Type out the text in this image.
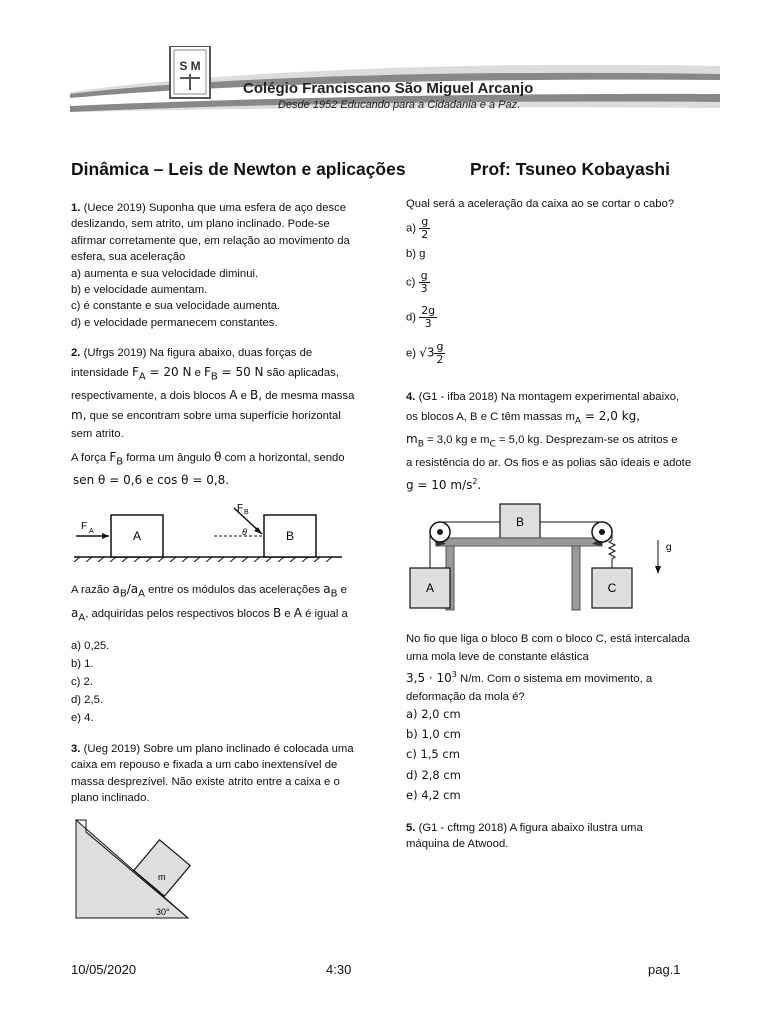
S M
Colégio Franciscano São Miguel Arcanjo
Desde 1952 Educando para a Cidadania e a Paz.
Dinâmica – Leis de Newton e aplicações	Prof: Tsuneo Kobayashi

1. (Uece 2019) Suponha que uma esfera de aço desce deslizando, sem atrito, um plano inclinado. Pode-se afirmar corretamente que, em relação ao movimento da esfera, sua aceleração

a) aumenta e sua velocidade diminui.

b) e velocidade aumentam.

c) é constante e sua velocidade aumenta.

d) e velocidade permanecem constantes.

2. (Ufrgs 2019) Na figura abaixo, duas forças de intensidade $F_A = 20$ N e $F_B = 50$ N são aplicadas, respectivamente, a dois blocos A e B, de mesma massa m, que se encontram sobre uma superfície horizontal sem atrito.

A força $F_B$ forma um ângulo θ com a horizontal, sendo

sen θ = 0,6 e cos θ = 0,8.

A
F A	B
F B
θ

A razão $a_B/a_A$ entre os módulos das acelerações $a_B$ e
$a_A$, adquiridas pelos respectivos blocos B e A é igual a

a) 0,25.

b) 1.

c) 2.

d) 2,5.

e) 4.

3. (Ueg 2019) Sobre um plano inclinado é colocada uma caixa em repouso e fixada a um cabo inextensível de massa desprezível. Não existe atrito entre a caixa e o plano inclinado.

m
30°
Qual será a aceleração da caixa ao se cortar o cabo?
$a) \frac{g}{2}$
b) g
$c) \frac{g}{3}$
$d) \frac{2g}{3}$
e) $√3 \frac{g}{2}$

4. (G1 - ifba 2018) Na montagem experimental abaixo,

os blocos A, B e C têm massas $m_A = 2,0$ kg,

$m_B = 3,0$ kg e $m_C = 5,0$ kg. Desprezam-se os atritos e

a resistência do ar. Os fios e as polias são ideais e adote

g = 10 $m/s^2$.

B
A	C
g

No fio que liga o bloco B com o bloco C, está intercalada uma mola leve de constante elástica

$3,5 \cdot 10^3$ N/m. Com o sistema em movimento, a deformação da mola é?

a) 2,0 cm

b) 1,0 cm

c) 1,5 cm

d) 2,8 cm

e) 4,2 cm

5. (G1 - cftmg 2018) A figura abaixo ilustra uma máquina de Atwood.

10/05/2020	4:30	pag.1
